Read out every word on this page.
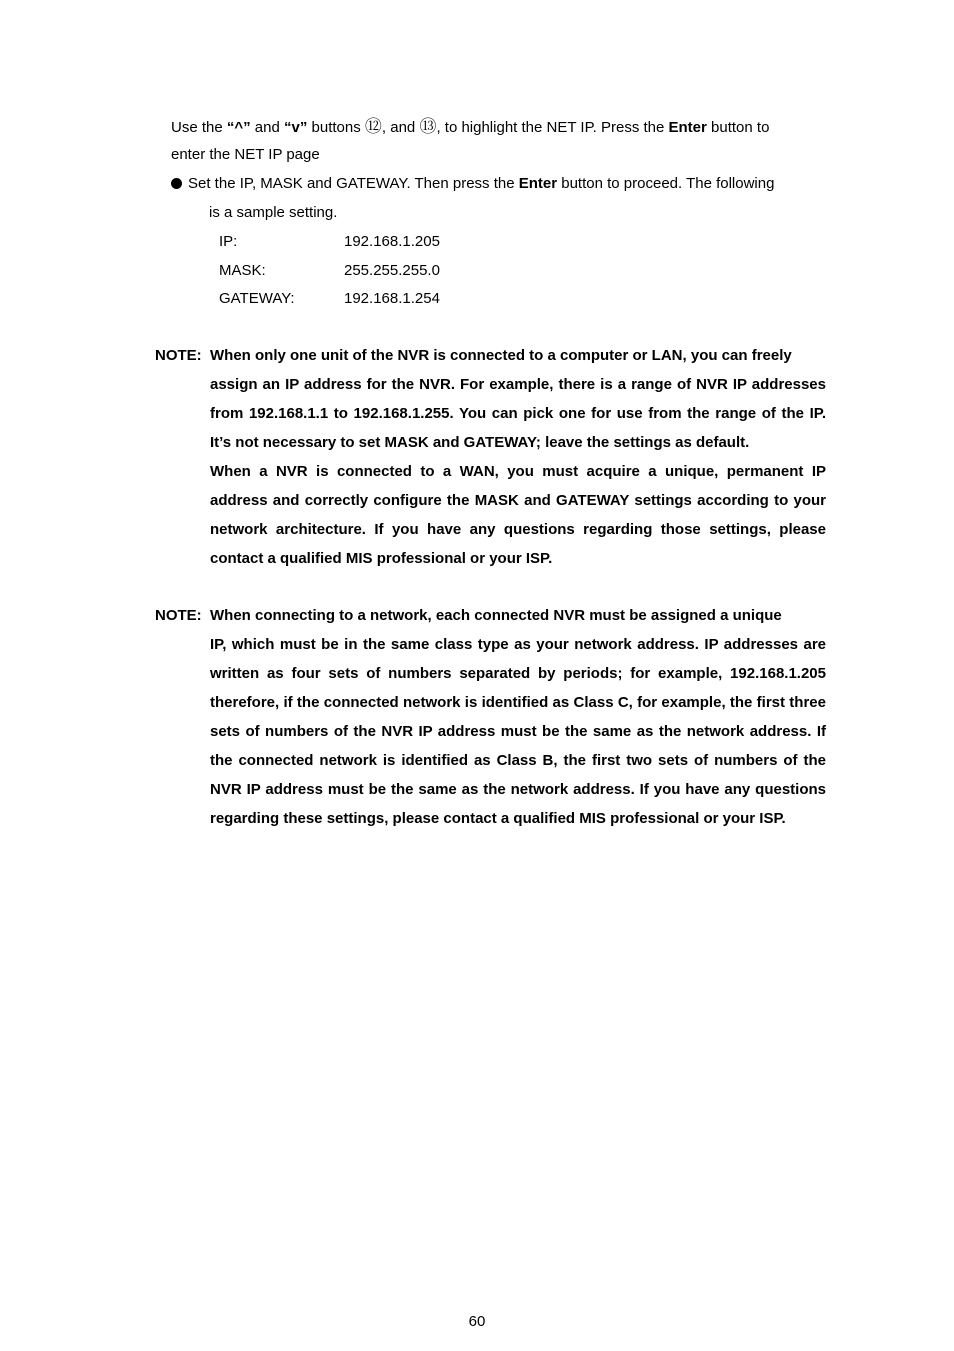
Use the “^” and “v” buttons ⑫, and ⑬, to highlight the NET IP. Press the Enter button to
enter the NET IP page
Set the IP, MASK and GATEWAY. Then press the Enter button to proceed. The following
is a sample setting.
IP:	192.168.1.205
MASK:	255.255.255.0
GATEWAY:	192.168.1.254
NOTE: When only one unit of the NVR is connected to a computer or LAN, you can freely

assign an IP address for the NVR. For example, there is a range of NVR IP addresses from 192.168.1.1 to 192.168.1.255. You can pick one for use from the range of the IP. It’s not necessary to set MASK and GATEWAY; leave the settings as default.

When a NVR is connected to a WAN, you must acquire a unique, permanent IP address and correctly configure the MASK and GATEWAY settings according to your network architecture. If you have any questions regarding those settings, please contact a qualified MIS professional or your ISP.

NOTE: When connecting to a network, each connected NVR must be assigned a unique

IP, which must be in the same class type as your network address. IP addresses are written as four sets of numbers separated by periods; for example, 192.168.1.205 therefore, if the connected network is identified as Class C, for example, the first three sets of numbers of the NVR IP address must be the same as the network address. If the connected network is identified as Class B, the first two sets of numbers of the NVR IP address must be the same as the network address. If you have any questions regarding these settings, please contact a qualified MIS professional or your ISP.

60
